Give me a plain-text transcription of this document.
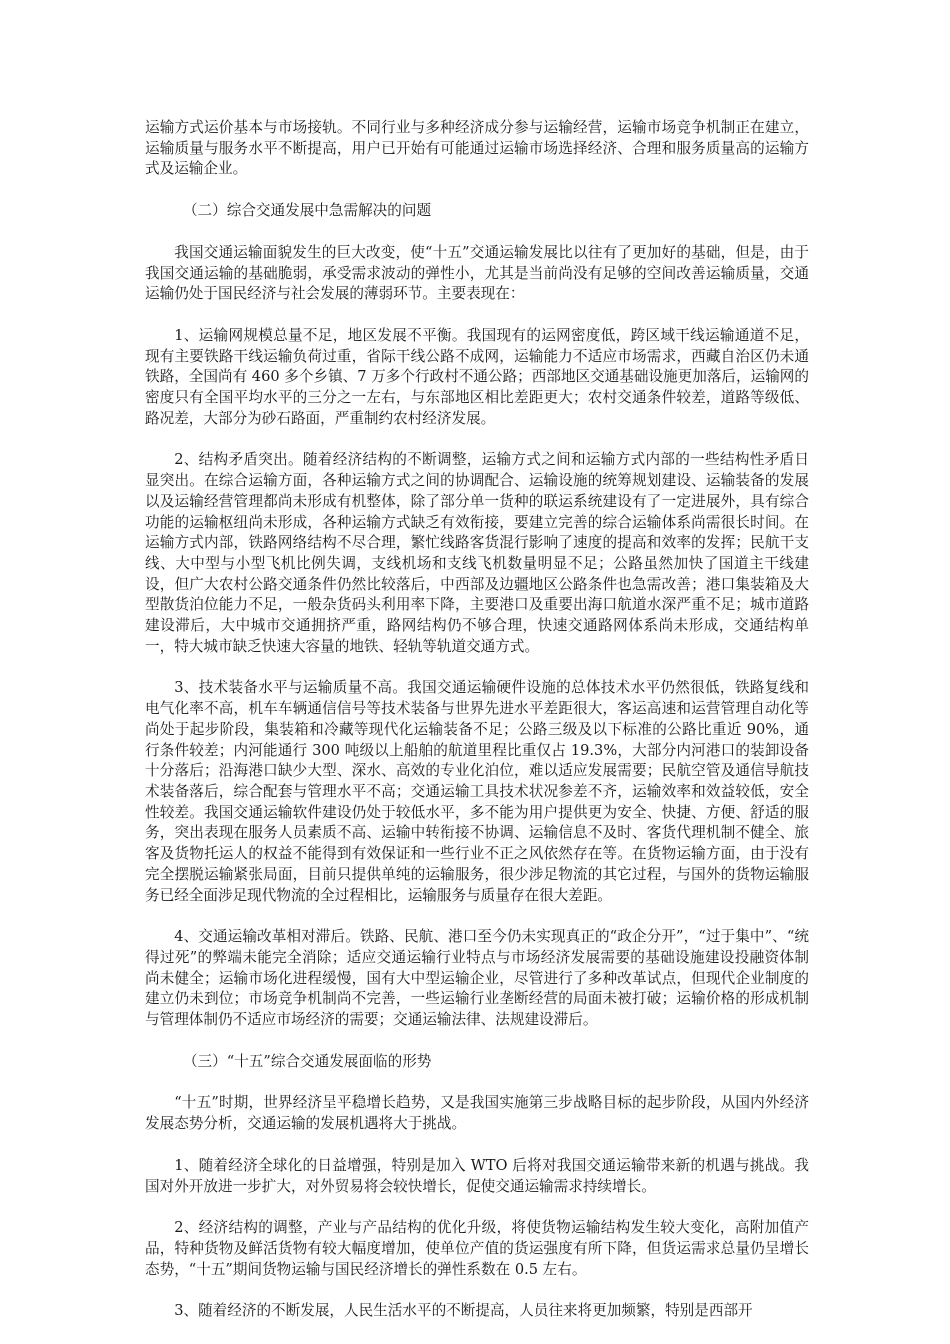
运输方式运价基本与市场接轨。不同行业与多种经济成分参与运输经营，运输市场竞争机制正在建立，运输质量与服务水平不断提高，用户已开始有可能通过运输市场选择经济、合理和服务质量高的运输方式及运输企业。

（二）综合交通发展中急需解决的问题

我国交通运输面貌发生的巨大改变，使“十五”交通运输发展比以往有了更加好的基础，但是，由于我国交通运输的基础脆弱，承受需求波动的弹性小，尤其是当前尚没有足够的空间改善运输质量，交通运输仍处于国民经济与社会发展的薄弱环节。主要表现在：

1、运输网规模总量不足，地区发展不平衡。我国现有的运网密度低，跨区域干线运输通道不足，现有主要铁路干线运输负荷过重，省际干线公路不成网，运输能力不适应市场需求，西藏自治区仍未通铁路，全国尚有 460 多个乡镇、7 万多个行政村不通公路；西部地区交通基础设施更加落后，运输网的密度只有全国平均水平的三分之一左右，与东部地区相比差距更大；农村交通条件较差，道路等级低、路况差，大部分为砂石路面，严重制约农村经济发展。

2、结构矛盾突出。随着经济结构的不断调整，运输方式之间和运输方式内部的一些结构性矛盾日显突出。在综合运输方面，各种运输方式之间的协调配合、运输设施的统筹规划建设、运输装备的发展以及运输经营管理都尚未形成有机整体，除了部分单一货种的联运系统建设有了一定进展外，具有综合功能的运输枢纽尚未形成，各种运输方式缺乏有效衔接，要建立完善的综合运输体系尚需很长时间。在运输方式内部，铁路网络结构不尽合理，繁忙线路客货混行影响了速度的提高和效率的发挥；民航干支线、大中型与小型飞机比例失调，支线机场和支线飞机数量明显不足；公路虽然加快了国道主干线建设，但广大农村公路交通条件仍然比较落后，中西部及边疆地区公路条件也急需改善；港口集装箱及大型散货泊位能力不足，一般杂货码头利用率下降，主要港口及重要出海口航道水深严重不足；城市道路建设滞后，大中城市交通拥挤严重，路网结构仍不够合理，快速交通路网体系尚未形成，交通结构单一，特大城市缺乏快速大容量的地铁、轻轨等轨道交通方式。

3、技术装备水平与运输质量不高。我国交通运输硬件设施的总体技术水平仍然很低，铁路复线和电气化率不高，机车车辆通信信号等技术装备与世界先进水平差距很大，客运高速和运营管理自动化等尚处于起步阶段，集装箱和冷藏等现代化运输装备不足；公路三级及以下标准的公路比重近 90%，通行条件较差；内河能通行 300 吨级以上船舶的航道里程比重仅占 19.3%，大部分内河港口的装卸设备十分落后；沿海港口缺少大型、深水、高效的专业化泊位，难以适应发展需要；民航空管及通信导航技术装备落后，综合配套与管理水平不高；交通运输工具技术状况参差不齐，运输效率和效益较低，安全性较差。我国交通运输软件建设仍处于较低水平，多不能为用户提供更为安全、快捷、方便、舒适的服务，突出表现在服务人员素质不高、运输中转衔接不协调、运输信息不及时、客货代理机制不健全、旅客及货物托运人的权益不能得到有效保证和一些行业不正之风依然存在等。在货物运输方面，由于没有完全摆脱运输紧张局面，目前只提供单纯的运输服务，很少涉足物流的其它过程，与国外的货物运输服务已经全面涉足现代物流的全过程相比，运输服务与质量存在很大差距。

4、交通运输改革相对滞后。铁路、民航、港口至今仍未实现真正的“政企分开”，“过于集中”、“统得过死”的弊端未能完全消除；适应交通运输行业特点与市场经济发展需要的基础设施建设投融资体制尚未健全；运输市场化进程缓慢，国有大中型运输企业，尽管进行了多种改革试点，但现代企业制度的建立仍未到位；市场竞争机制尚不完善，一些运输行业垄断经营的局面未被打破；运输价格的形成机制与管理体制仍不适应市场经济的需要；交通运输法律、法规建设滞后。

（三）“十五”综合交通发展面临的形势

“十五”时期，世界经济呈平稳增长趋势，又是我国实施第三步战略目标的起步阶段，从国内外经济发展态势分析，交通运输的发展机遇将大于挑战。

1、随着经济全球化的日益增强，特别是加入 WTO 后将对我国交通运输带来新的机遇与挑战。我国对外开放进一步扩大，对外贸易将会较快增长，促使交通运输需求持续增长。

2、经济结构的调整，产业与产品结构的优化升级，将使货物运输结构发生较大变化，高附加值产品，特种货物及鲜活货物有较大幅度增加，使单位产值的货运强度有所下降，但货运需求总量仍呈增长态势，“十五”期间货物运输与国民经济增长的弹性系数在 0.5 左右。

3、随着经济的不断发展，人民生活水平的不断提高，人员往来将更加频繁，特别是西部开
